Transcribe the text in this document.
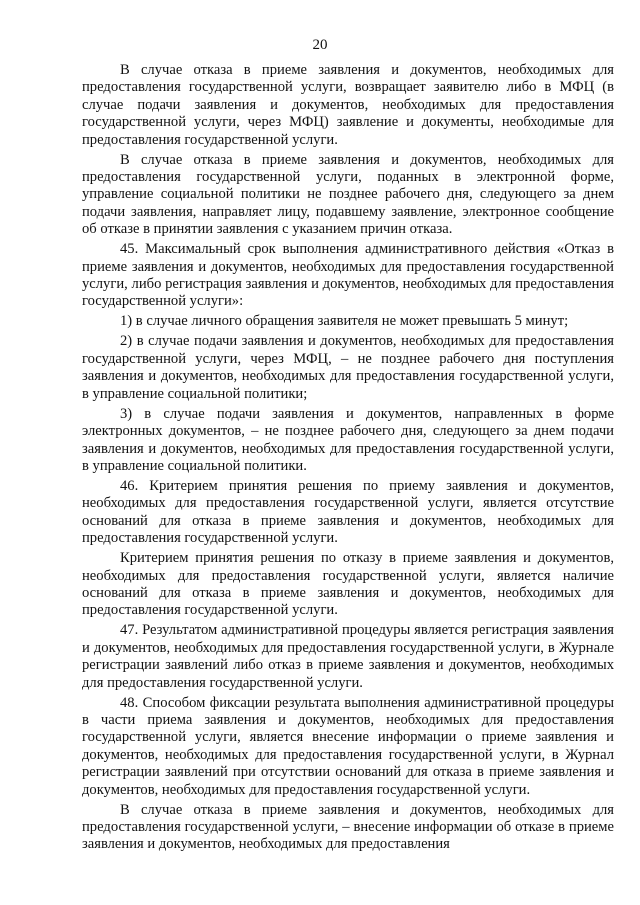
20

В случае отказа в приеме заявления и документов, необходимых для предоставления государственной услуги, возвращает заявителю либо в МФЦ (в случае подачи заявления и документов, необходимых для предоставления государственной услуги, через МФЦ) заявление и документы, необходимые для предоставления государственной услуги.

В случае отказа в приеме заявления и документов, необходимых для предоставления государственной услуги, поданных в электронной форме, управление социальной политики не позднее рабочего дня, следующего за днем подачи заявления, направляет лицу, подавшему заявление, электронное сообщение об отказе в принятии заявления с указанием причин отказа.

45. Максимальный срок выполнения административного действия «Отказ в приеме заявления и документов, необходимых для предоставления государственной услуги, либо регистрация заявления и документов, необходимых для предоставления государственной услуги»:

1) в случае личного обращения заявителя не может превышать 5 минут;

2) в случае подачи заявления и документов, необходимых для предоставления государственной услуги, через МФЦ, – не позднее рабочего дня поступления заявления и документов, необходимых для предоставления государственной услуги, в управление социальной политики;

3) в случае подачи заявления и документов, направленных в форме электронных документов, – не позднее рабочего дня, следующего за днем подачи заявления и документов, необходимых для предоставления государственной услуги, в управление социальной политики.

46. Критерием принятия решения по приему заявления и документов, необходимых для предоставления государственной услуги, является отсутствие оснований для отказа в приеме заявления и документов, необходимых для предоставления государственной услуги.

Критерием принятия решения по отказу в приеме заявления и документов, необходимых для предоставления государственной услуги, является наличие оснований для отказа в приеме заявления и документов, необходимых для предоставления государственной услуги.

47. Результатом административной процедуры является регистрация заявления и документов, необходимых для предоставления государственной услуги, в Журнале регистрации заявлений либо отказ в приеме заявления и документов, необходимых для предоставления государственной услуги.

48. Способом фиксации результата выполнения административной процедуры в части приема заявления и документов, необходимых для предоставления государственной услуги, является внесение информации о приеме заявления и документов, необходимых для предоставления государственной услуги, в Журнал регистрации заявлений при отсутствии оснований для отказа в приеме заявления и документов, необходимых для предоставления государственной услуги.

В случае отказа в приеме заявления и документов, необходимых для предоставления государственной услуги, – внесение информации об отказе в приеме заявления и документов, необходимых для предоставления
